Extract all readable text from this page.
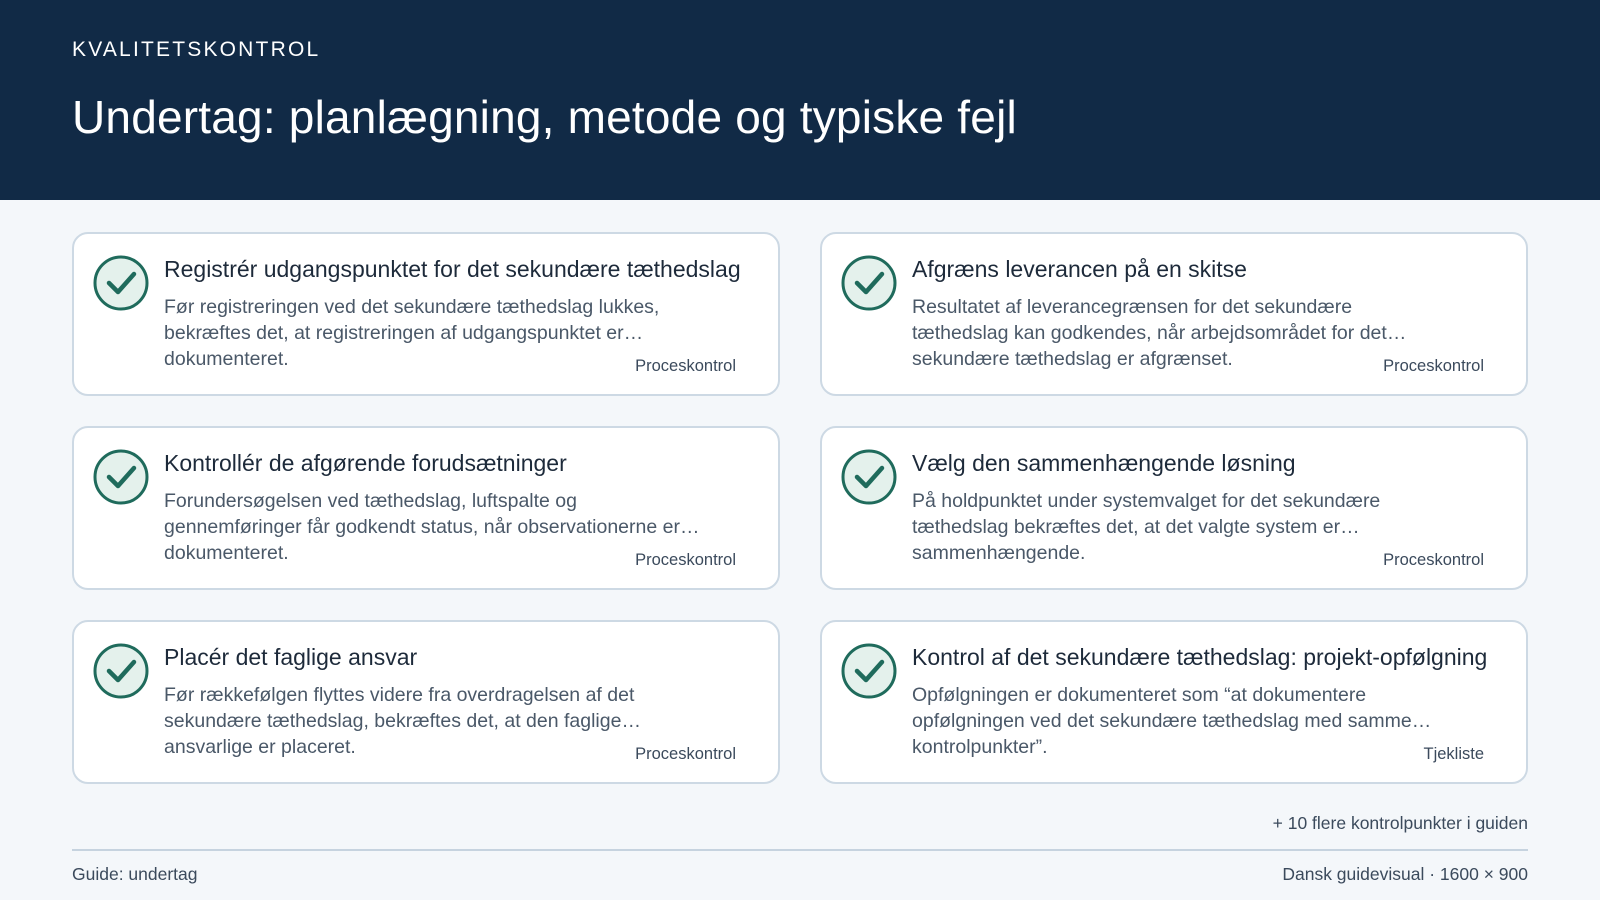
KVALITETSKONTROL
Undertag: planlægning, metode og typiske fejl
Registrér udgangspunktet for det sekundære tæthedslag
Før registreringen ved det sekundære tæthedslag lukkes, bekræftes det, at registreringen af udgangspunktet er dokumenteret.	Proceskontrol
Afgræns leverancen på en skitse
Resultatet af leverancegrænsen for det sekundære tæthedslag kan godkendes, når arbejdsområdet for det sekundære tæthedslag er afgrænset.	Proceskontrol
Kontrollér de afgørende forudsætninger
Forundersøgelsen ved tæthedslag, luftspalte og gennemføringer får godkendt status, når observationerne er dokumenteret.	Proceskontrol
Vælg den sammenhængende løsning
På holdpunktet under systemvalget for det sekundære tæthedslag bekræftes det, at det valgte system er sammenhængende.	Proceskontrol
Placér det faglige ansvar
Før rækkefølgen flyttes videre fra overdragelsen af det sekundære tæthedslag, bekræftes det, at den faglige ansvarlige er placeret.	Proceskontrol
Kontrol af det sekundære tæthedslag: projekt-opfølgning
Opfølgningen er dokumenteret som “at dokumentere opfølgningen ved det sekundære tæthedslag med samme kontrolpunkter”.	Tjekliste
+ 10 flere kontrolpunkter i guiden
Guide: undertag	Dansk guidevisual · 1600 × 900
